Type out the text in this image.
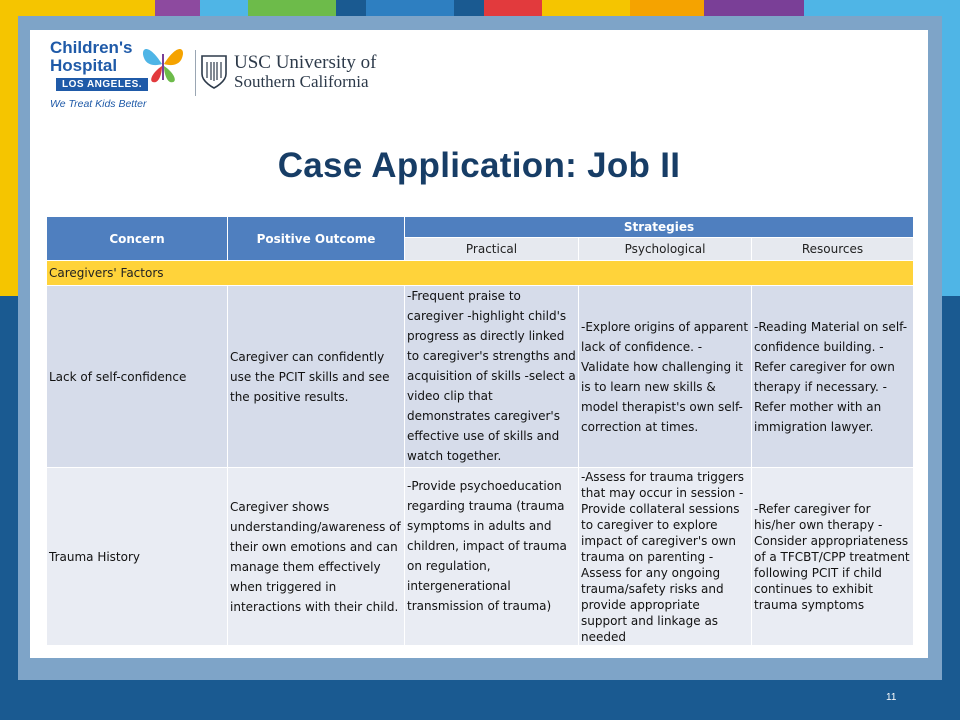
Children's
Hospital
LOS ANGELES.
We Treat Kids Better
USC University of
Southern California
Case Application: Job II
Concern	Positive Outcome	Strategies		
		Practical	Psychological	Resources
Caregivers' Factors				
Lack of self-confidence	Caregiver can confidently use the PCIT skills and see the positive results.	-Frequent praise to caregiver -highlight child's progress as directly linked to caregiver's strengths and acquisition of skills -select a video clip that demonstrates caregiver's effective use of skills and watch together.	-Explore origins of apparent lack of confidence. -Validate how challenging it is to learn new skills & model therapist's own self-correction at times.	-Reading Material on self-confidence building. -Refer caregiver for own therapy if necessary. -Refer mother with an immigration lawyer.
Trauma History	Caregiver shows understanding/awareness of their own emotions and can manage them effectively when triggered in interactions with their child.	-Provide psychoeducation regarding trauma (trauma symptoms in adults and children, impact of trauma on regulation, intergenerational transmission of trauma)	-Assess for trauma triggers that may occur in session -Provide collateral sessions to caregiver to explore impact of caregiver's own trauma on parenting -Assess for any ongoing trauma/safety risks and provide appropriate support and linkage as needed	-Refer caregiver for his/her own therapy -Consider appropriateness of a TFCBT/CPP treatment following PCIT if child continues to exhibit trauma symptoms
11
